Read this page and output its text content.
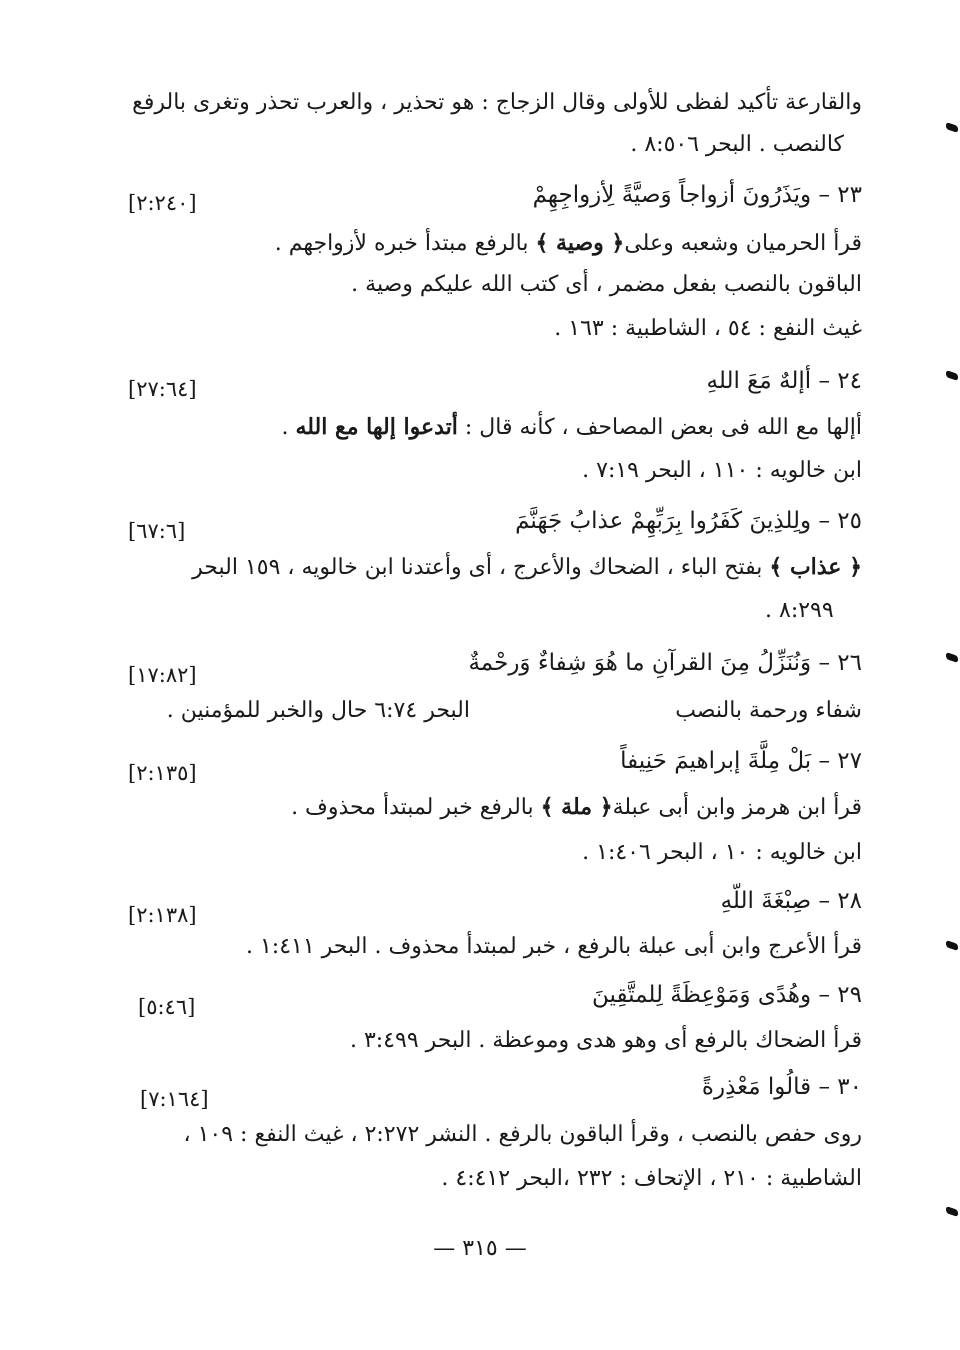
والقارعة تأكيد لفظى للأولى وقال الزجاج : هو تحذير ، والعرب تحذر وتغرى بالرفع
كالنصب . البحر ٨:٥٠٦ .
٢٣ – ويَذَرُونَ أزواجاً وَصيَّةً لِأزواجِهِمْ
[٢:٢٤٠]
قرأ الحرميان وشعبه وعلى﴿ وصية ﴾ بالرفع مبتدأ خبره لأزواجهم .
الباقون بالنصب بفعل مضمر ، أى كتب الله عليكم وصية .
غيث النفع : ٥٤ ، الشاطبية : ١٦٣ .
٢٤ – أإلهٌ مَعَ اللهِ
[٢٧:٦٤]
أإلها مع الله فى بعض المصاحف ، كأنه قال : أتدعوا إلها مع الله .
ابن خالويه : ١١٠ ، البحر ٧:١٩ .
٢٥ – ولِلذِينَ كَفَرُوا بِرَبِّهِمْ عذابُ جَهَنَّمَ
[٦٧:٦]
﴿ عذاب ﴾ بفتح الباء ، الضحاك والأعرج ، أى وأعتدنا ابن خالويه ، ١٥٩ البحر
٨:٢٩٩ .
٢٦ – وَنُنَزِّلُ مِنَ القرآنِ ما هُوَ شِفاءٌ وَرحْمةٌ
[١٧:٨٢]
شفاء ورحمة بالنصب
البحر ٦:٧٤ حال والخبر للمؤمنين .
٢٧ – بَلْ مِلَّةَ إبراهيمَ حَنِيفاً
[٢:١٣٥]
قرأ ابن هرمز وابن أبى عبلة﴿ ملة ﴾ بالرفع خبر لمبتدأ محذوف .
ابن خالويه : ١٠ ، البحر ١:٤٠٦ .
٢٨ – صِبْغَةَ اللّهِ
[٢:١٣٨]
قرأ الأعرج وابن أبى عبلة بالرفع ، خبر لمبتدأ محذوف . البحر ١:٤١١ .
٢٩ – وهُدًى وَمَوْعِظَةً لِلمتَّقِينَ
[٥:٤٦]
قرأ الضحاك بالرفع أى وهو هدى وموعظة . البحر ٣:٤٩٩ .
٣٠ – قالُوا مَعْذِرةً
[٧:١٦٤]
روى حفص بالنصب ، وقرأ الباقون بالرفع . النشر ٢:٢٧٢ ، غيث النفع : ١٠٩ ،
الشاطبية : ٢١٠ ، الإتحاف : ٢٣٢ ،البحر ٤:٤١٢ .
— ٣١٥ —
